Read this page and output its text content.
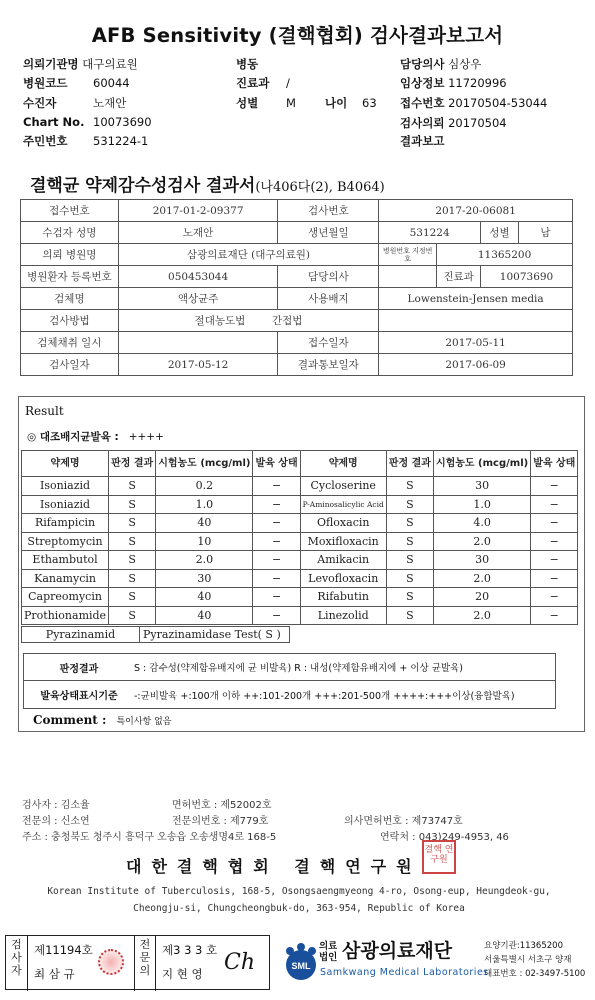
AFB Sensitivity (결핵협회) 검사결과보고서
의뢰기관명 대구의료원	병동	담당의사 심상우
병원코드 60044	진료과 /	임상정보 11720996
수진자	노재안	성별 M	나이 63 접수번호 20170504-53044
Chart No. 10073690	검사의뢰 20170504
주민번호 531224-1	결과보고
결핵균 약제감수성검사 결과서(나406다(2), B4064)
접수번호	2017-01-2-09377	검사번호	2017-20-06081			
수검자 성명	노재안	생년월일	531224		성별	남
의뢰 병원명	삼광의료재단 (대구의료원)		병원번호 지정번호	11365200		
병원환자 등록번호	050453044	담당의사		진료과	10073690	
검체명	액상균주	사용배지	Lowenstein-Jensen media			
검사방법	절대농도법 간접법					
검체채취 일시		접수일자	2017-05-11			
검사일자	2017-05-12	결과통보일자	2017-06-09			
Result
◎ 대조배지균발육 : ++++
약제명	판정 결과	시험농도 (mcg/ml)	발육 상태	약제명	판정 결과	시험농도 (mcg/ml)	발육 상태
Isoniazid	S	0.2	−	Cycloserine	S	30	−
Isoniazid	S	1.0	−	P-Aminosalicylic Acid	S	1.0	−
Rifampicin	S	40	−	Ofloxacin	S	4.0	−
Streptomycin	S	10	−	Moxifloxacin	S	2.0	−
Ethambutol	S	2.0	−	Amikacin	S	30	−
Kanamycin	S	30	−	Levofloxacin	S	2.0	−
Capreomycin	S	40	−	Rifabutin	S	20	−
Prothionamide	S	40	−	Linezolid	S	2.0	−
Pyrazinamid	Pyrazinamidase Test( S )
판정결과	S : 감수성(약제함유배지에 균 비발육) R : 내성(약제함유배지에 + 이상 균발육)
발육상태표시기준	-:균비발육 +:100개 이하 ++:101-200개 +++:201-500개 ++++:+++이상(융합발육)
Comment : 특이사항 없음
검사자 : 김소율	면허번호 : 제52002호
전문의 : 신소연	전문의번호 : 제779호	의사면허번호 : 제73747호
주소 : 충청북도 청주시 흥덕구 오송읍 오송생명4로 168-5	연락처 : 043)249-4953, 46
대한결핵협회 결핵연구원
결핵 연구원
Korean Institute of Tuberculosis, 168-5, Osongsaengmyeong 4-ro, Osong-eup, Heungdeok-gu,
Cheongju-si, Chungcheongbuk-do, 363-954, Republic of Korea
검
사
자
제11194호
최 삼 규
전
문
의
제3 3 3 호
지 현 영 Ch	SML
의료
법인 삼광의료재단
Samkwang Medical Laboratories
요양기관:11365200
서울특별시 서초구 양재
대표번호 : 02-3497-5100
